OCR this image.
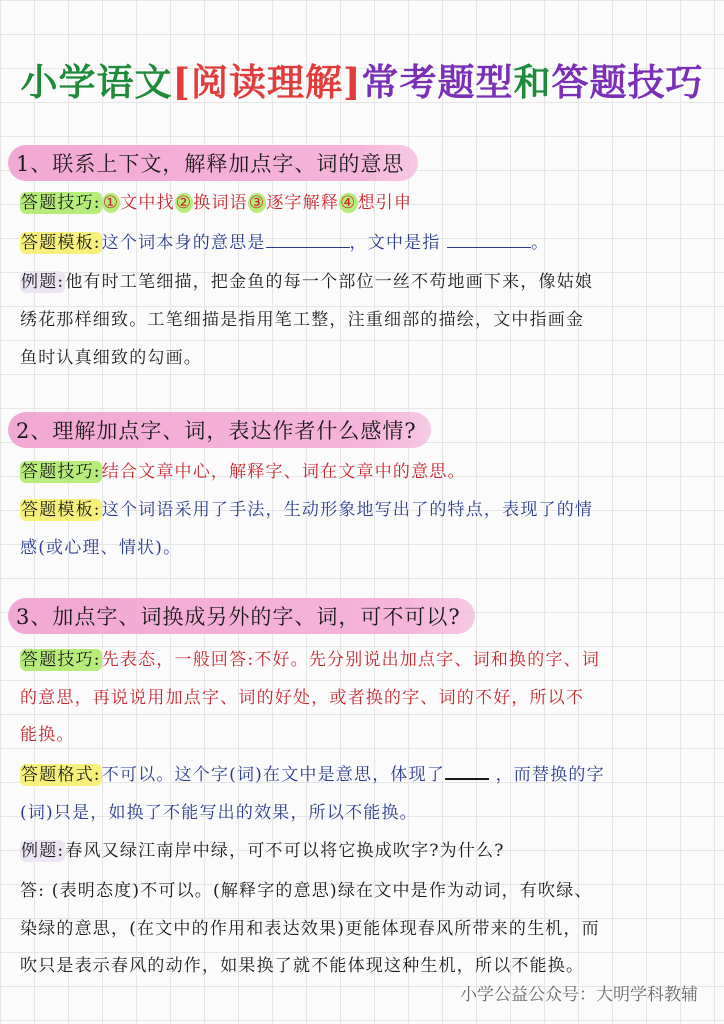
小学语文[阅读理解]常考题型和答题技巧
1、联系上下文，解释加点字、词的意思
答题技巧: ①文中找②换词语③逐字解释④想引申
答题模板:这个词本身的意思是	，文中是指	。
例题:他有时工笔细描，把金鱼的每一个部位一丝不苟地画下来，像姑娘
绣花那样细致。工笔细描是指用笔工整，注重细部的描绘，文中指画金
鱼时认真细致的勾画。
2、理解加点字、词，表达作者什么感情?
答题技巧:结合文章中心，解释字、词在文章中的意思。
答题模板:这个词语采用了手法，生动形象地写出了的特点，表现了的情
感(或心理、情状)。
3、加点字、词换成另外的字、词，可不可以?
答题技巧:先表态，一般回答:不好。先分别说出加点字、词和换的字、词
的意思，再说说用加点字、词的好处，或者换的字、词的不好，所以不
能换。
答题格式:不可以。这个字(词)在文中是意思，体现了	，而替换的字
(词)只是，如换了不能写出的效果，所以不能换。
例题:春风又绿江南岸中绿，可不可以将它换成吹字?为什么?
答: (表明态度)不可以。(解释字的意思)绿在文中是作为动词，有吹绿、
染绿的意思，(在文中的作用和表达效果)更能体现春风所带来的生机，而
吹只是表示春风的动作，如果换了就不能体现这种生机，所以不能换。
小学公益公众号：大明学科教辅
